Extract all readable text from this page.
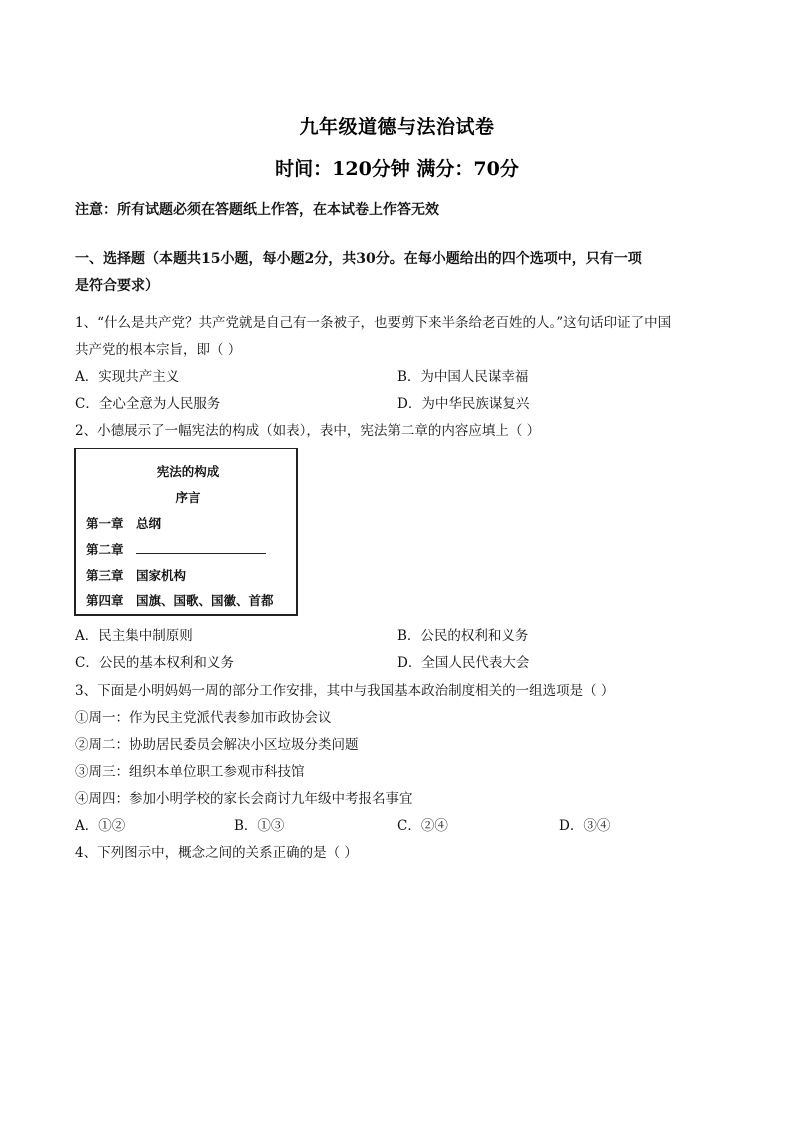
九年级道德与法治试卷
时间：120分钟 满分：70分
注意：所有试题必须在答题纸上作答，在本试卷上作答无效
一、选择题（本题共15小题，每小题2分，共30分。在每小题给出的四个选项中，只有一项
是符合要求）
1、“什么是共产党？共产党就是自己有一条被子，也要剪下来半条给老百姓的人。”这句话印证了中国
共产党的根本宗旨，即（ ）
A．实现共产主义	B．为中国人民谋幸福
C．全心全意为人民服务	D．为中华民族谋复兴
2、小德展示了一幅宪法的构成（如表），表中，宪法第二章的内容应填上（ ）
宪法的构成
序言
第一章 总纲
第二章
第三章 国家机构
第四章 国旗、国歌、国徽、首都
A．民主集中制原则	B．公民的权利和义务
C．公民的基本权利和义务	D．全国人民代表大会
3、下面是小明妈妈一周的部分工作安排，其中与我国基本政治制度相关的一组选项是（ ）
①周一：作为民主党派代表参加市政协会议
②周二：协助居民委员会解决小区垃圾分类问题
③周三：组织本单位职工参观市科技馆
④周四：参加小明学校的家长会商讨九年级中考报名事宜
A．①②	B．①③	C．②④	D．③④
4、下列图示中，概念之间的关系正确的是（ ）
